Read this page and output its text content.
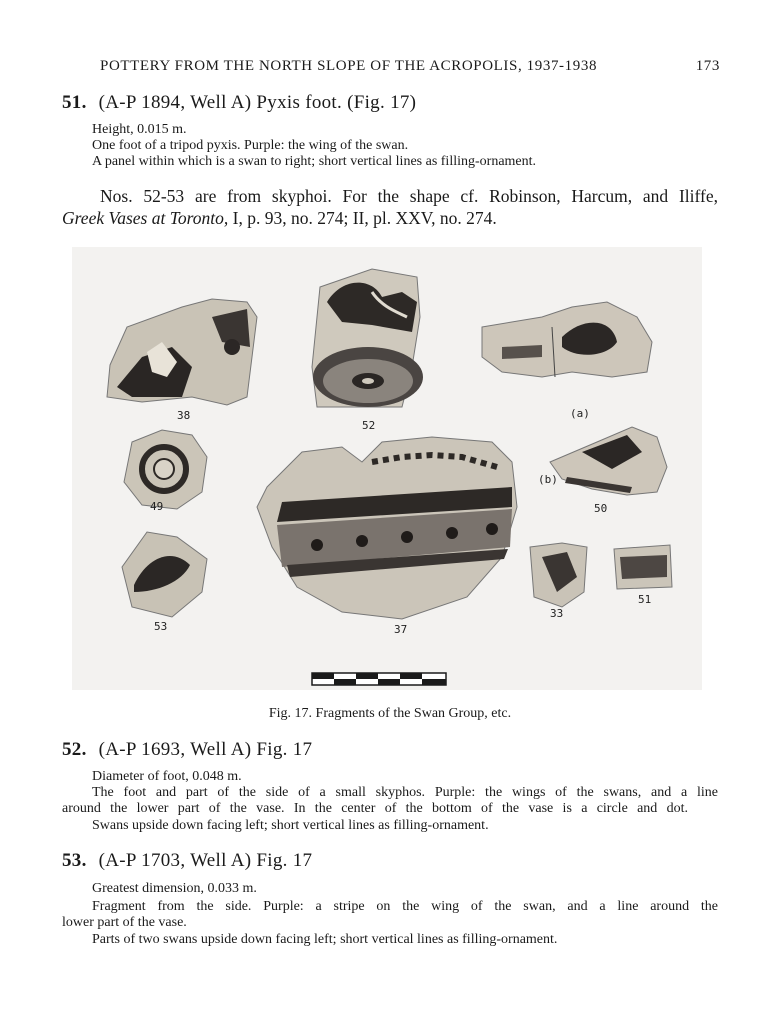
POTTERY FROM THE NORTH SLOPE OF THE ACROPOLIS, 1937-1938	173
51. (A-P 1894, Well A) Pyxis foot. (Fig. 17)
Height, 0.015 m.
One foot of a tripod pyxis. Purple: the wing of the swan.
A panel within which is a swan to right; short vertical lines as filling-ornament.
Nos. 52-53 are from skyphoi. For the shape cf. Robinson, Harcum, and Iliffe,
Greek Vases at Toronto, I, p. 93, no. 274; II, pl. XXV, no. 274.
38
52
(a)
49
(b)
50
53	37
33
51
Fig. 17. Fragments of the Swan Group, etc.
52. (A-P 1693, Well A) Fig. 17
Diameter of foot, 0.048 m.
The foot and part of the side of a small skyphos. Purple: the wings of the swans, and a line
around the lower part of the vase. In the center of the bottom of the vase is a circle and dot.
Swans upside down facing left; short vertical lines as filling-ornament.
53. (A-P 1703, Well A) Fig. 17
Greatest dimension, 0.033 m.
Fragment from the side. Purple: a stripe on the wing of the swan, and a line around the
lower part of the vase.
Parts of two swans upside down facing left; short vertical lines as filling-ornament.
